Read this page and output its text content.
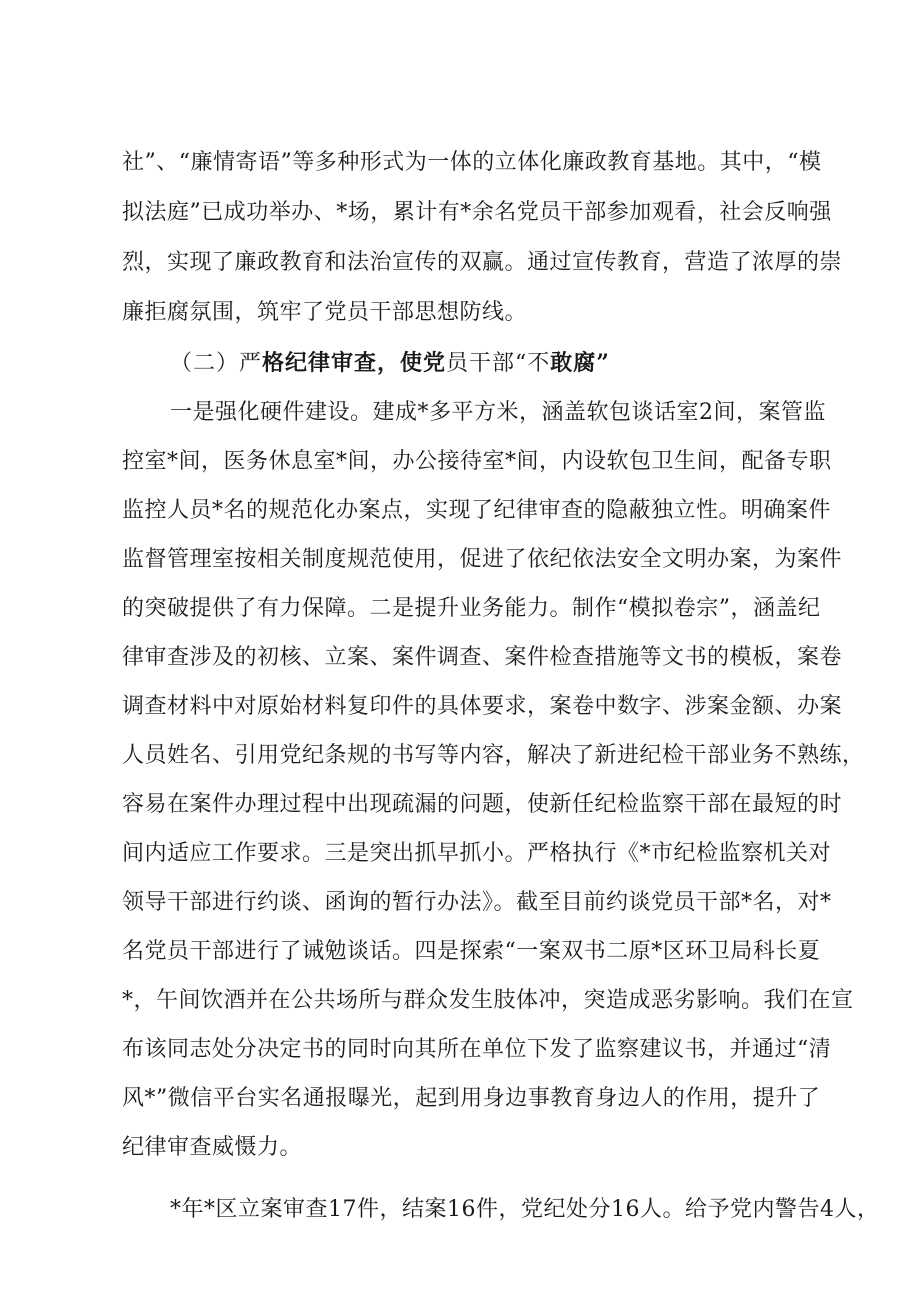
社”、“廉情寄语”等多种形式为一体的立体化廉政教育基地。其中，“模
拟法庭”已成功举办、*场，累计有*余名党员干部参加观看，社会反响强
烈，实现了廉政教育和法治宣传的双赢。通过宣传教育，营造了浓厚的崇
廉拒腐氛围，筑牢了党员干部思想防线。
（二）严格纪律审查，使党员干部“不敢腐”
一是强化硬件建设。建成*多平方米，涵盖软包谈话室2间，案管监
控室*间，医务休息室*间，办公接待室*间，内设软包卫生间，配备专职
监控人员*名的规范化办案点，实现了纪律审查的隐蔽独立性。明确案件
监督管理室按相关制度规范使用，促进了依纪依法安全文明办案，为案件
的突破提供了有力保障。二是提升业务能力。制作“模拟卷宗”，涵盖纪
律审查涉及的初核、立案、案件调查、案件检查措施等文书的模板，案卷
调查材料中对原始材料复印件的具体要求，案卷中数字、涉案金额、办案
人员姓名、引用党纪条规的书写等内容，解决了新进纪检干部业务不熟练，
容易在案件办理过程中出现疏漏的问题，使新任纪检监察干部在最短的时
间内适应工作要求。三是突出抓早抓小。严格执行《*市纪检监察机关对
领导干部进行约谈、函询的暂行办法》。截至目前约谈党员干部*名，对*
名党员干部进行了诫勉谈话。四是探索“一案双书二原*区环卫局科长夏
*，午间饮酒并在公共场所与群众发生肢体冲，突造成恶劣影响。我们在宣
布该同志处分决定书的同时向其所在单位下发了监察建议书，并通过“清
风*”微信平台实名通报曝光，起到用身边事教育身边人的作用，提升了
纪律审查威慑力。
*年*区立案审查17件，结案16件，党纪处分16人。给予党内警告4人，
